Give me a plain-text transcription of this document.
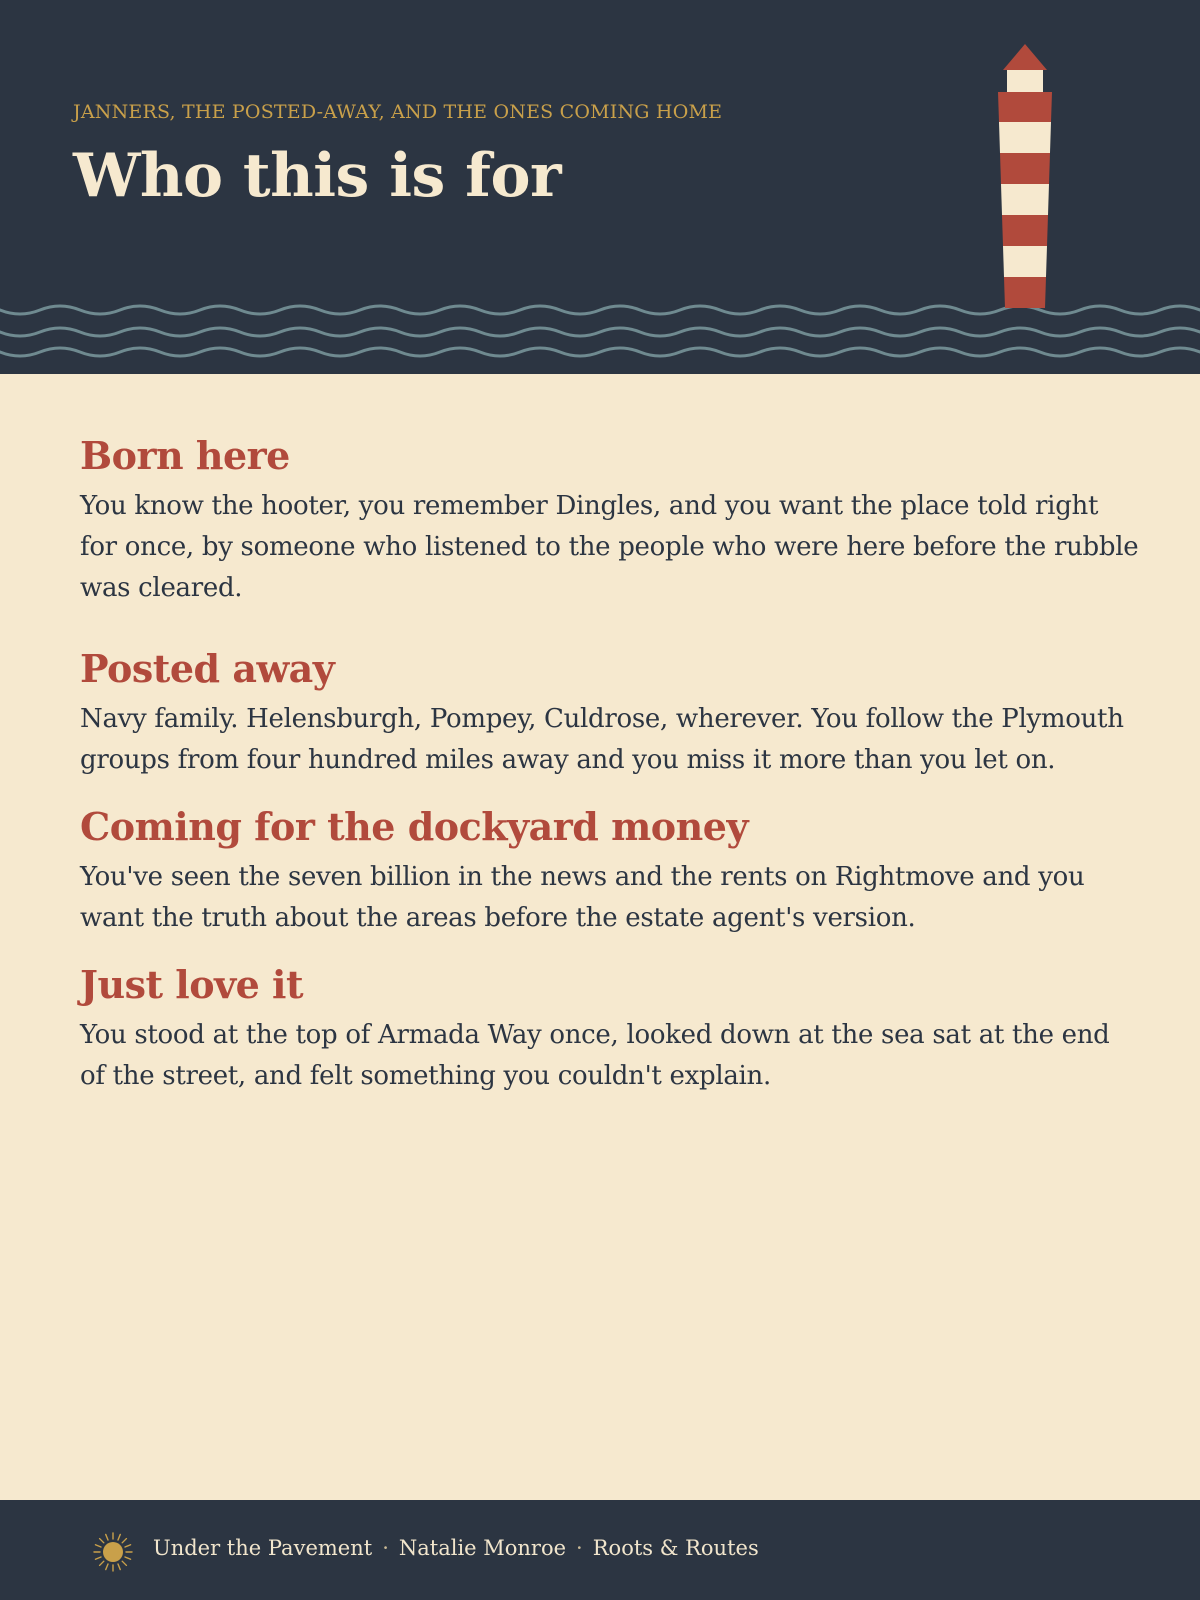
JANNERS, THE POSTED-AWAY, AND THE ONES COMING HOME
Who this is for
Born here

You know the hooter, you remember Dingles, and you want the place told right for once, by someone who listened to the people who were here before the rubble was cleared.

Posted away

Navy family. Helensburgh, Pompey, Culdrose, wherever. You follow the Plymouth groups from four hundred miles away and you miss it more than you let on.

Coming for the dockyard money

You've seen the seven billion in the news and the rents on Rightmove and you want the truth about the areas before the estate agent's version.

Just love it

You stood at the top of Armada Way once, looked down at the sea sat at the end of the street, and felt something you couldn't explain.

Under the Pavement · Natalie Monroe · Roots & Routes
